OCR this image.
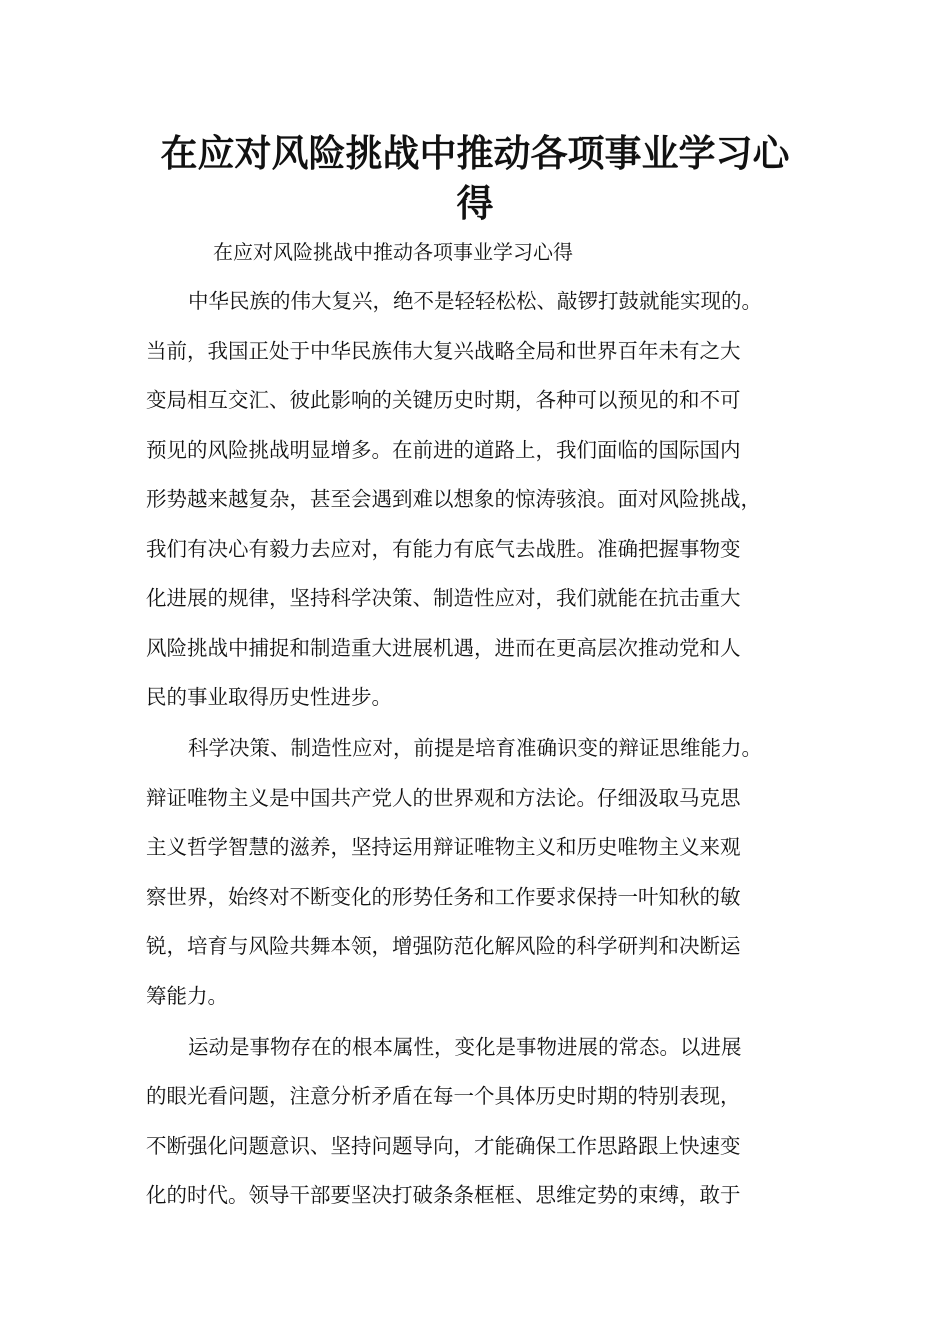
在应对风险挑战中推动各项事业学习心
得
在应对风险挑战中推动各项事业学习心得
中华民族的伟大复兴，绝不是轻轻松松、敲锣打鼓就能实现的。
当前，我国正处于中华民族伟大复兴战略全局和世界百年未有之大
变局相互交汇、彼此影响的关键历史时期，各种可以预见的和不可
预见的风险挑战明显增多。在前进的道路上，我们面临的国际国内
形势越来越复杂，甚至会遇到难以想象的惊涛骇浪。面对风险挑战，
我们有决心有毅力去应对，有能力有底气去战胜。准确把握事物变
化进展的规律，坚持科学决策、制造性应对，我们就能在抗击重大
风险挑战中捕捉和制造重大进展机遇，进而在更高层次推动党和人
民的事业取得历史性进步。
科学决策、制造性应对，前提是培育准确识变的辩证思维能力。
辩证唯物主义是中国共产党人的世界观和方法论。仔细汲取马克思
主义哲学智慧的滋养，坚持运用辩证唯物主义和历史唯物主义来观
察世界，始终对不断变化的形势任务和工作要求保持一叶知秋的敏
锐，培育与风险共舞本领，增强防范化解风险的科学研判和决断运
筹能力。
运动是事物存在的根本属性，变化是事物进展的常态。以进展
的眼光看问题，注意分析矛盾在每一个具体历史时期的特别表现，
不断强化问题意识、坚持问题导向，才能确保工作思路跟上快速变
化的时代。领导干部要坚决打破条条框框、思维定势的束缚，敢于
